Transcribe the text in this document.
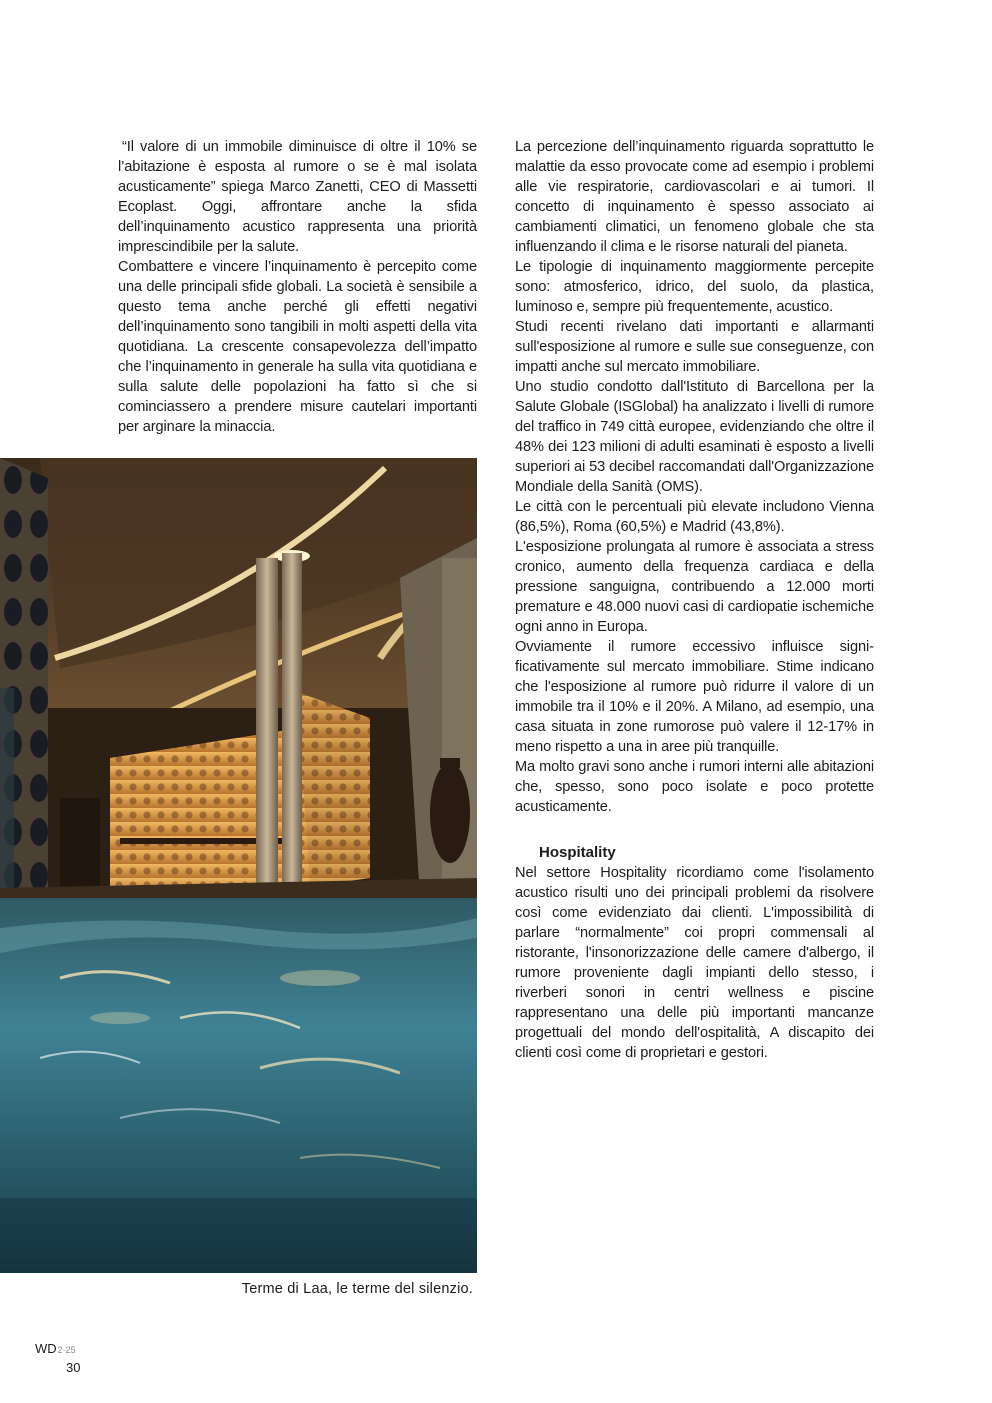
“Il valore di un immobile diminuisce di oltre il 10% se l’abitazione è esposta al rumore o se è mal isolata acusticamente” spiega Marco Zanetti, CEO di Massetti Ecoplast. Oggi, affrontare anche la sfida dell’inquinamento acustico rappresenta una priorità imprescindibile per la salute.

Combattere e vincere l’inquinamento è percepito come una delle principali sfide globali. La società è sensibile a questo tema anche perché gli effetti negativi dell’inquinamento sono tangibili in molti aspetti della vita quotidiana. La crescente consapevolezza dell’impatto che l’inquinamento in generale ha sulla vita quotidiana e sulla salute delle popolazioni ha fatto sì che si cominciassero a prendere misure cautelari importanti per arginare la minaccia.

La percezione dell’inquinamento riguarda soprattutto le malattie da esso provocate come ad esempio i problemi alle vie respiratorie, cardiovascolari e ai tumori. Il concetto di inquinamento è spesso associato ai cambiamenti climatici, un fenomeno globale che sta influenzando il clima e le risorse naturali del pianeta.

Le tipologie di inquinamento maggiormente percepite sono: atmosferico, idrico, del suolo, da plastica, luminoso e, sempre più frequentemente, acustico.

Studi recenti rivelano dati importanti e allarmanti sull'esposizione al rumore e sulle sue conseguenze, con impatti anche sul mercato immobiliare.

Uno studio condotto dall'Istituto di Barcellona per la Salute Globale (ISGlobal) ha analizzato i livelli di rumore del traffico in 749 città europee, evidenziando che oltre il 48% dei 123 milioni di adulti esaminati è esposto a livelli superiori ai 53 decibel raccomandati dall'Organizzazione Mondiale della Sanità (OMS).

Le città con le percentuali più elevate includono Vienna (86,5%), Roma (60,5%) e Madrid (43,8%).

L'esposizione prolungata al rumore è associata a stress cronico, aumento della frequenza cardiaca e della pressione sanguigna, contribuendo a 12.000 morti premature e 48.000 nuovi casi di cardiopatie ischemiche ogni anno in Europa.

Ovviamente il rumore eccessivo influisce significativamente sul mercato immobiliare. Stime indicano che l'esposizione al rumore può ridurre il valore di un immobile tra il 10% e il 20%. A Milano, ad esempio, una casa situata in zone rumorose può valere il 12-17% in meno rispetto a una in aree più tranquille.

Ma molto gravi sono anche i rumori interni alle abitazioni che, spesso, sono poco isolate e poco protette acusticamente.

Hospitality

Nel settore Hospitality ricordiamo come l'isolamento acustico risulti uno dei principali problemi da risolvere così come evidenziato dai clienti. L'impossibilità di parlare “normalmente” coi propri commensali al ristorante, l'insonorizzazione delle camere d'albergo, il rumore proveniente dagli impianti dello stesso, i riverberi sonori in centri wellness e piscine rappresentano una delle più importanti mancanze progettuali del mondo dell'ospitalità, A discapito dei clienti così come di proprietari e gestori.

Terme di Laa, le terme del silenzio.
WD2·25
30
